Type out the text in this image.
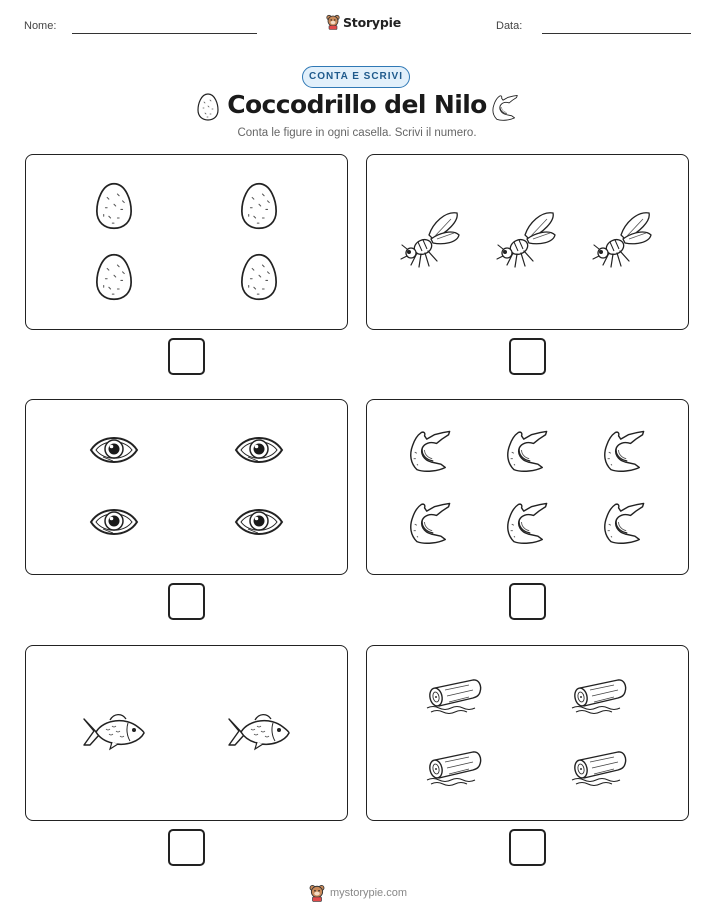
Nome:	Storypie	Data:
CONTA E SCRIVI
Coccodrillo del Nilo
Conta le figure in ogni casella. Scrivi il numero.
mystorypie.com
